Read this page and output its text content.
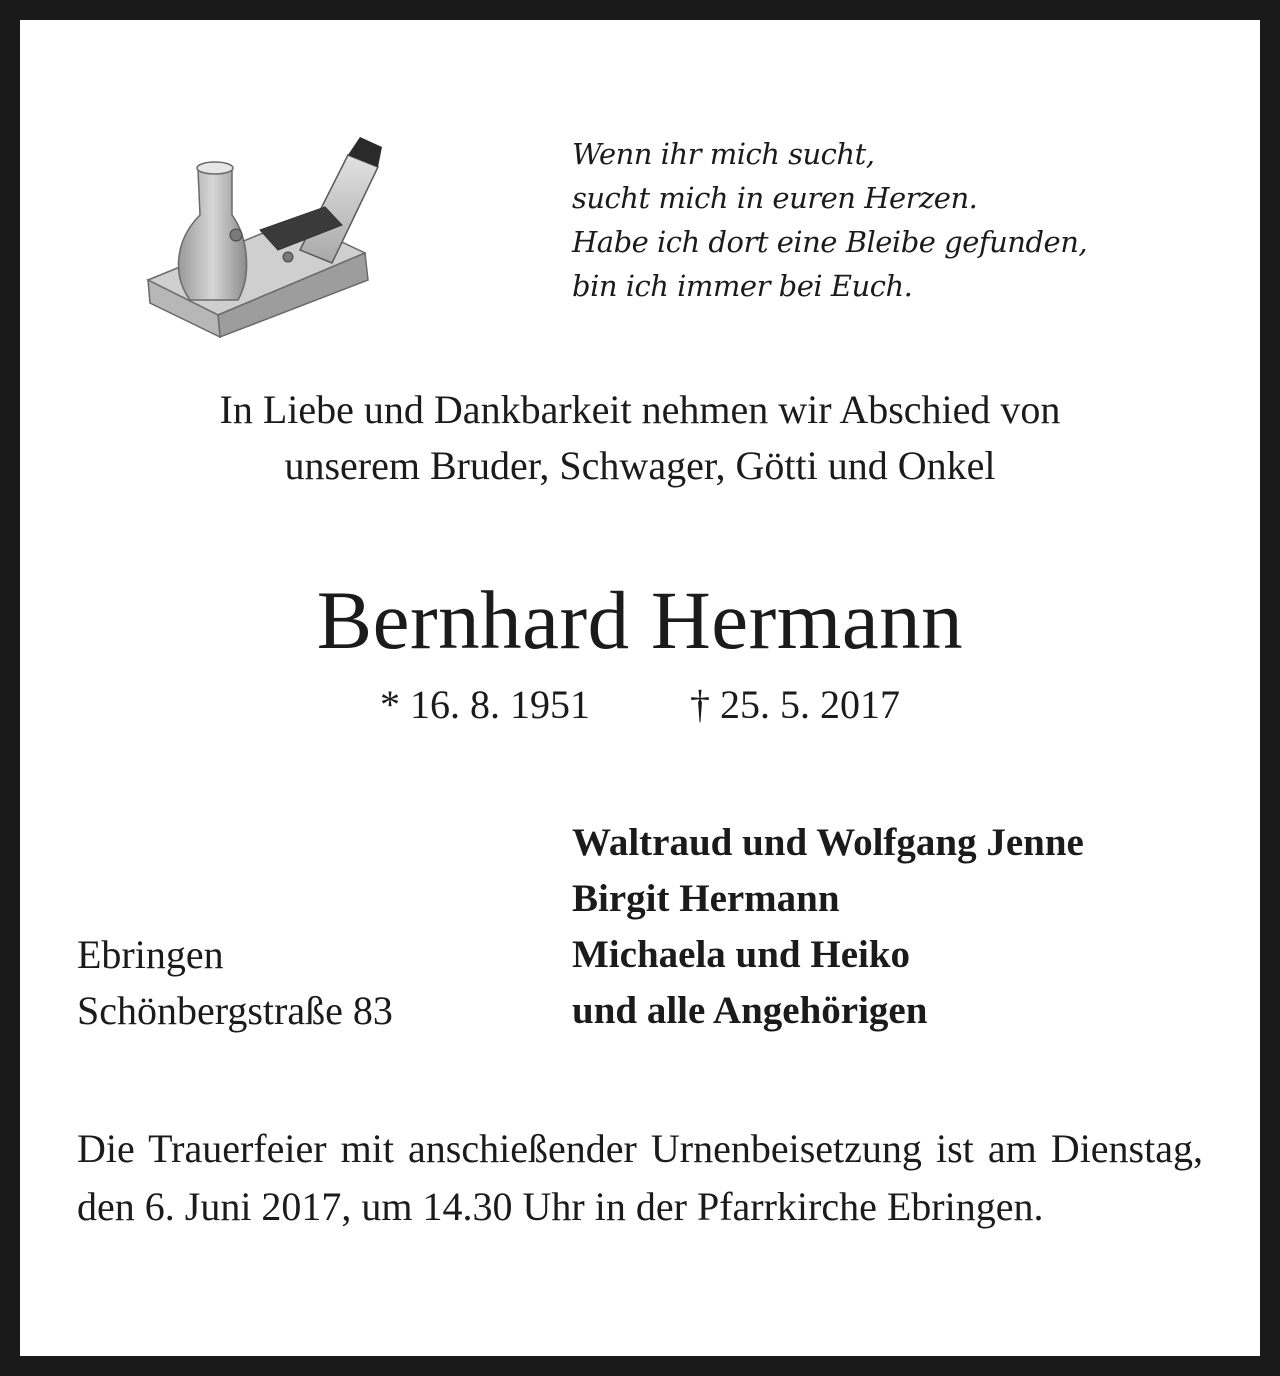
Wenn ihr mich sucht,
sucht mich in euren Herzen.
Habe ich dort eine Bleibe gefunden,
bin ich immer bei Euch.
In Liebe und Dankbarkeit nehmen wir Abschied von
unserem Bruder, Schwager, Götti und Onkel
Bernhard Hermann
* 16. 8. 1951	† 25. 5. 2017
Waltraud und Wolfgang Jenne
Birgit Hermann
Michaela und Heiko
und alle Angehörigen
Ebringen
Schönbergstraße 83
Die Trauerfeier mit anschießender Urnenbeisetzung ist am Dienstag, den 6. Juni 2017, um 14.30 Uhr in der Pfarrkirche Ebringen.
